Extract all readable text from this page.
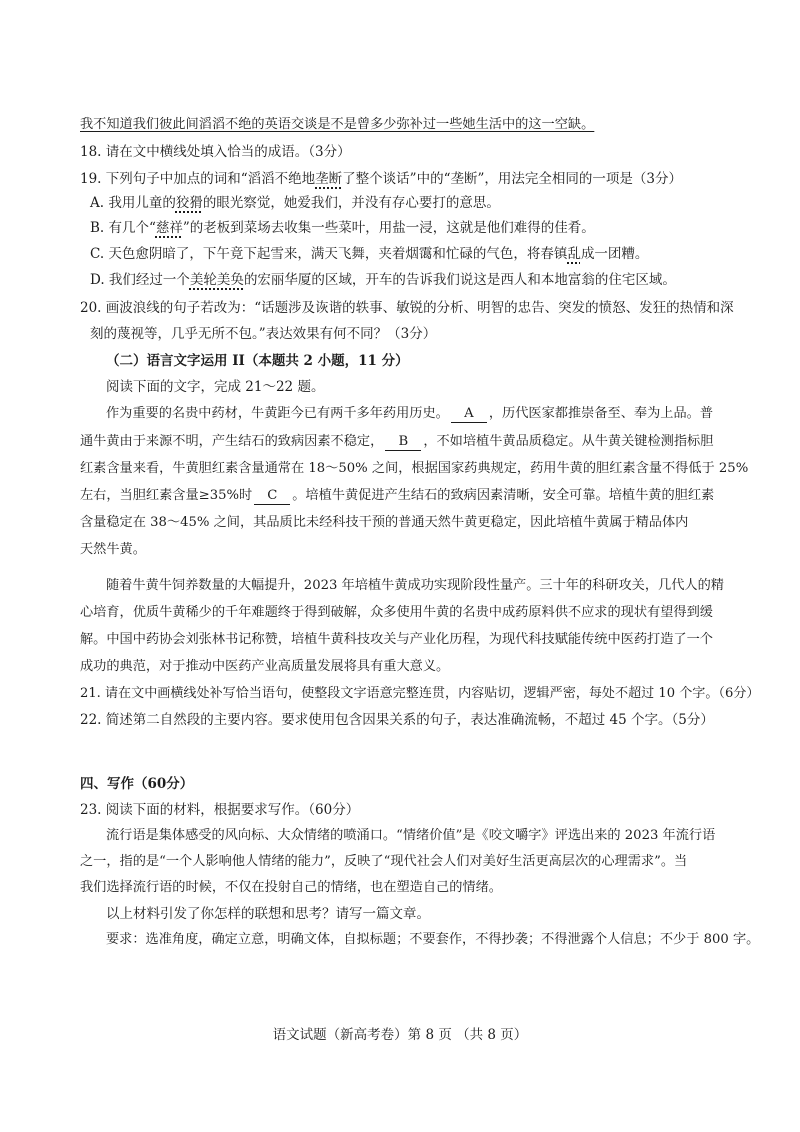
我不知道我们彼此间滔滔不绝的英语交谈是不是曾多少弥补过一些她生活中的这一空缺。
18. 请在文中横线处填入恰当的成语。（3分）
19. 下列句子中加点的词和“滔滔不绝地垄断了整个谈话”中的“垄断”，用法完全相同的一项是（3分）
A. 我用儿童的狡猾的眼光察觉，她爱我们，并没有存心要打的意思。
B. 有几个“慈祥”的老板到菜场去收集一些菜叶，用盐一浸，这就是他们难得的佳肴。
C. 天色愈阴暗了，下午竟下起雪来，满天飞舞，夹着烟霭和忙碌的气色，将春镇乱成一团糟。
D. 我们经过一个美轮美奂的宏丽华厦的区域，开车的告诉我们说这是西人和本地富翁的住宅区域。
20. 画波浪线的句子若改为：“话题涉及诙谐的轶事、敏锐的分析、明智的忠告、突发的愤怒、发狂的热情和深
刻的蔑视等，几乎无所不包。”表达效果有何不同？（3分）
（二）语言文字运用 II（本题共 2 小题，11 分）
阅读下面的文字，完成 21～22 题。
作为重要的名贵中药材，牛黄距今已有两千多年药用历史。 A ，历代医家都推崇备至、奉为上品。普
通牛黄由于来源不明，产生结石的致病因素不稳定， B ，不如培植牛黄品质稳定。从牛黄关键检测指标胆
红素含量来看，牛黄胆红素含量通常在 18～50% 之间，根据国家药典规定，药用牛黄的胆红素含量不得低于 25%
左右，当胆红素含量≥35%时 C 。培植牛黄促进产生结石的致病因素清晰，安全可靠。培植牛黄的胆红素
含量稳定在 38～45% 之间，其品质比未经科技干预的普通天然牛黄更稳定，因此培植牛黄属于精品体内
天然牛黄。
随着牛黄牛饲养数量的大幅提升，2023 年培植牛黄成功实现阶段性量产。三十年的科研攻关，几代人的精
心培育，优质牛黄稀少的千年难题终于得到破解，众多使用牛黄的名贵中成药原料供不应求的现状有望得到缓
解。中国中药协会刘张林书记称赞，培植牛黄科技攻关与产业化历程，为现代科技赋能传统中医药打造了一个
成功的典范，对于推动中医药产业高质量发展将具有重大意义。
21. 请在文中画横线处补写恰当语句，使整段文字语意完整连贯，内容贴切，逻辑严密，每处不超过 10 个字。（6分）
22. 简述第二自然段的主要内容。要求使用包含因果关系的句子，表达准确流畅，不超过 45 个字。（5分）
四、写作（60分）
23. 阅读下面的材料，根据要求写作。（60分）
流行语是集体感受的风向标、大众情绪的喷涌口。“情绪价值”是《咬文嚼字》评选出来的 2023 年流行语
之一，指的是“一个人影响他人情绪的能力”，反映了“现代社会人们对美好生活更高层次的心理需求”。当
我们选择流行语的时候，不仅在投射自己的情绪，也在塑造自己的情绪。
以上材料引发了你怎样的联想和思考？请写一篇文章。
要求：选准角度，确定立意，明确文体，自拟标题；不要套作，不得抄袭；不得泄露个人信息；不少于 800 字。
语文试题（新高考卷）第 8 页 （共 8 页）
